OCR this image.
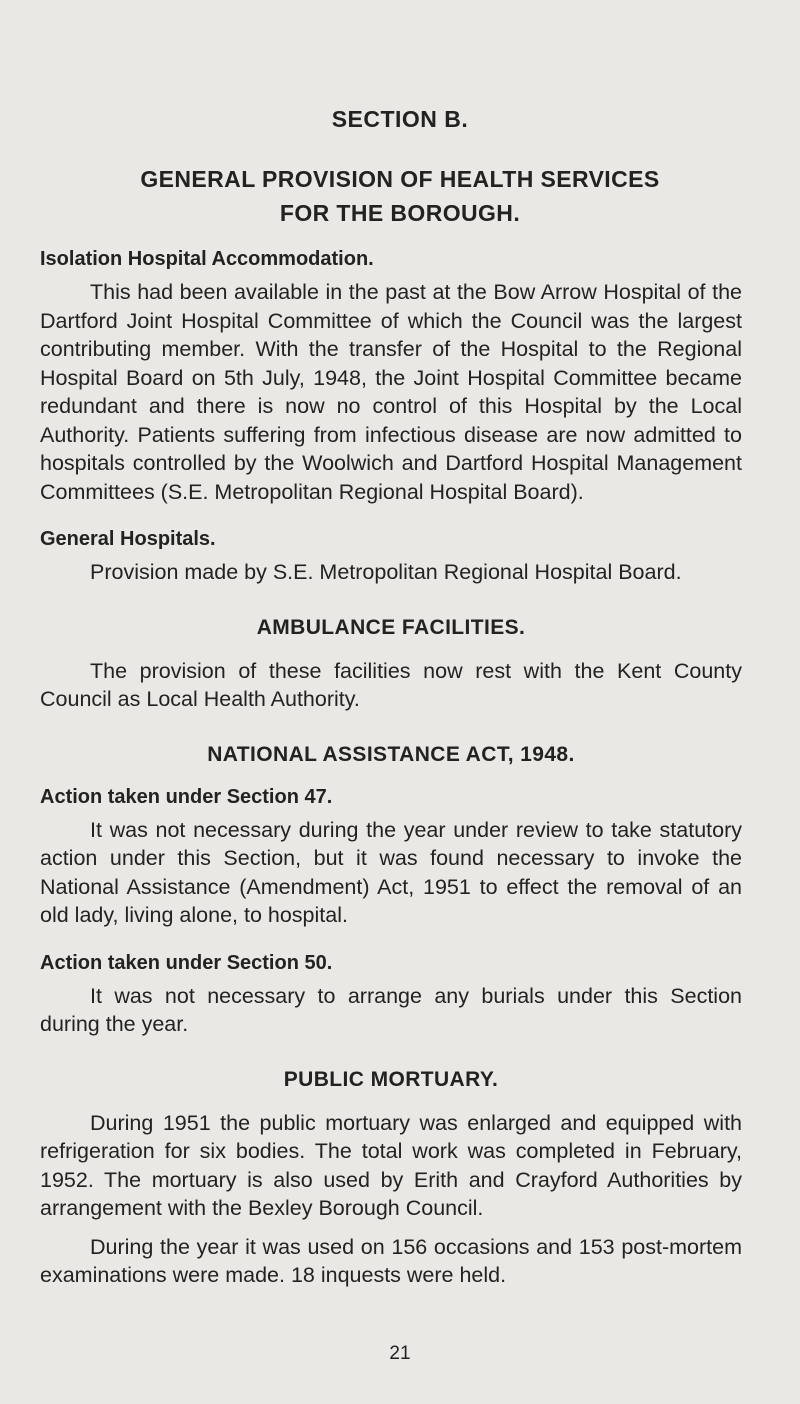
SECTION B.
GENERAL PROVISION OF HEALTH SERVICES
FOR THE BOROUGH.
Isolation Hospital Accommodation.

This had been available in the past at the Bow Arrow Hospital of the Dartford Joint Hospital Committee of which the Council was the largest contributing member. With the transfer of the Hospital to the Regional Hospital Board on 5th July, 1948, the Joint Hospital Committee became redundant and there is now no control of this Hospital by the Local Authority. Patients suffering from infectious disease are now admitted to hospitals controlled by the Woolwich and Dartford Hospital Management Committees (S.E. Metropolitan Regional Hospital Board).

General Hospitals.

Provision made by S.E. Metropolitan Regional Hospital Board.

AMBULANCE FACILITIES.

The provision of these facilities now rest with the Kent County Council as Local Health Authority.

NATIONAL ASSISTANCE ACT, 1948.
Action taken under Section 47.

It was not necessary during the year under review to take statutory action under this Section, but it was found necessary to invoke the National Assistance (Amendment) Act, 1951 to effect the removal of an old lady, living alone, to hospital.

Action taken under Section 50.

It was not necessary to arrange any burials under this Section during the year.

PUBLIC MORTUARY.

During 1951 the public mortuary was enlarged and equipped with refrigeration for six bodies. The total work was completed in February, 1952. The mortuary is also used by Erith and Crayford Authorities by arrangement with the Bexley Borough Council.

During the year it was used on 156 occasions and 153 post-mortem examinations were made. 18 inquests were held.

21
